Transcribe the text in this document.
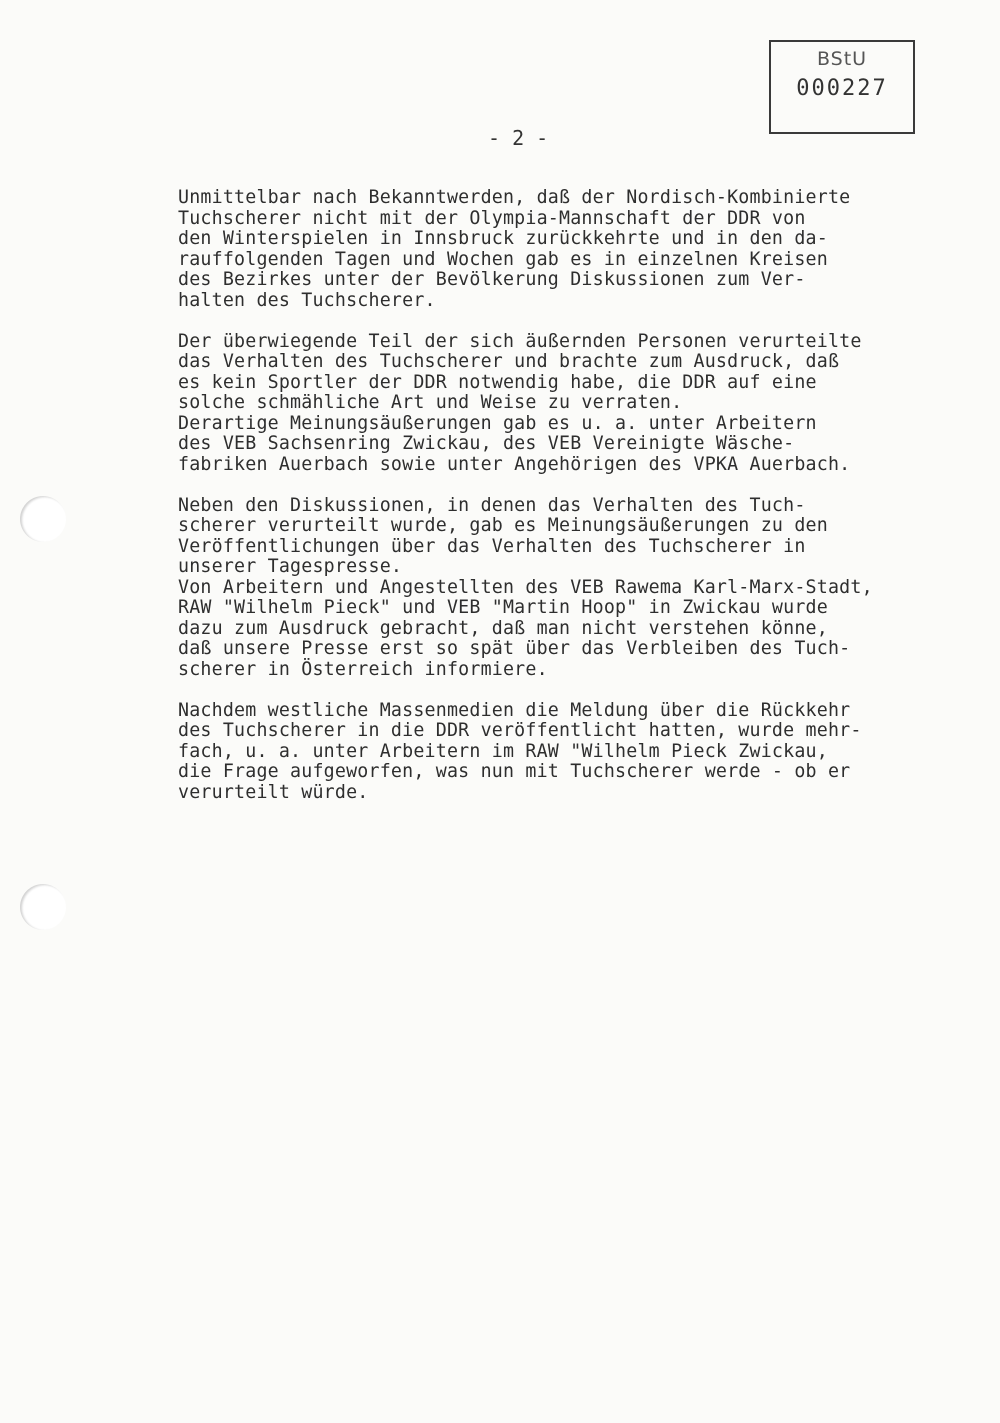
BStU
000227
- 2 -
Unmittelbar nach Bekanntwerden, daß der Nordisch-Kombinierte
Tuchscherer nicht mit der Olympia-Mannschaft der DDR von
den Winterspielen in Innsbruck zurückkehrte und in den da-
rauffolgenden Tagen und Wochen gab es in einzelnen Kreisen
des Bezirkes unter der Bevölkerung Diskussionen zum Ver-
halten des Tuchscherer.
Der überwiegende Teil der sich äußernden Personen verurteilte
das Verhalten des Tuchscherer und brachte zum Ausdruck, daß
es kein Sportler der DDR notwendig habe, die DDR auf eine
solche schmähliche Art und Weise zu verraten.
Derartige Meinungsäußerungen gab es u. a. unter Arbeitern
des VEB Sachsenring Zwickau, des VEB Vereinigte Wäsche-
fabriken Auerbach sowie unter Angehörigen des VPKA Auerbach.
Neben den Diskussionen, in denen das Verhalten des Tuch-
scherer verurteilt wurde, gab es Meinungsäußerungen zu den
Veröffentlichungen über das Verhalten des Tuchscherer in
unserer Tagespresse.
Von Arbeitern und Angestellten des VEB Rawema Karl-Marx-Stadt,
RAW "Wilhelm Pieck" und VEB "Martin Hoop" in Zwickau wurde
dazu zum Ausdruck gebracht, daß man nicht verstehen könne,
daß unsere Presse erst so spät über das Verbleiben des Tuch-
scherer in Österreich informiere.
Nachdem westliche Massenmedien die Meldung über die Rückkehr
des Tuchscherer in die DDR veröffentlicht hatten, wurde mehr-
fach, u. a. unter Arbeitern im RAW "Wilhelm Pieck Zwickau,
die Frage aufgeworfen, was nun mit Tuchscherer werde - ob er
verurteilt würde.
